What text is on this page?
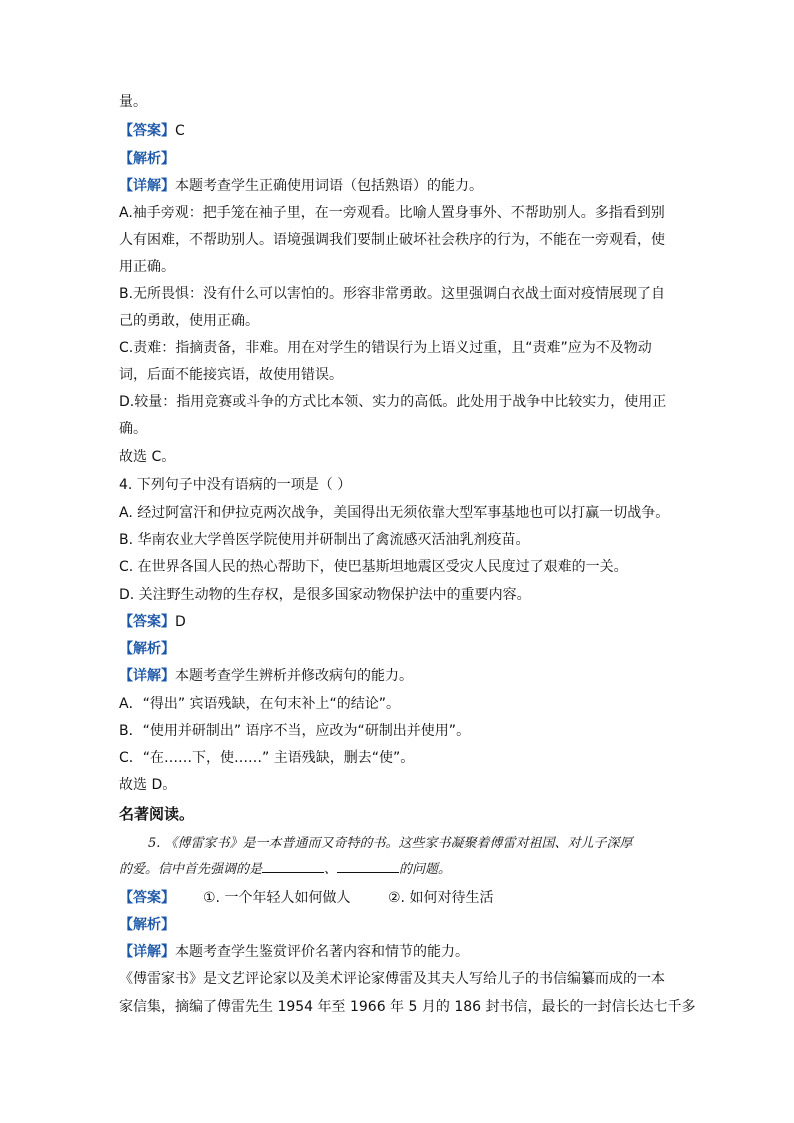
量。
【答案】C
【解析】
【详解】本题考查学生正确使用词语（包括熟语）的能力。
A.袖手旁观：把手笼在袖子里，在一旁观看。比喻人置身事外、不帮助别人。多指看到别
人有困难，不帮助别人。语境强调我们要制止破坏社会秩序的行为，不能在一旁观看，使
用正确。
B.无所畏惧：没有什么可以害怕的。形容非常勇敢。这里强调白衣战士面对疫情展现了自
己的勇敢，使用正确。
C.责难：指摘责备，非难。用在对学生的错误行为上语义过重，且“责难”应为不及物动
词，后面不能接宾语，故使用错误。
D.较量：指用竞赛或斗争的方式比本领、实力的高低。此处用于战争中比较实力，使用正
确。
故选 C。
4. 下列句子中没有语病的一项是（ ）
A. 经过阿富汗和伊拉克两次战争，美国得出无须依靠大型军事基地也可以打赢一切战争。
B. 华南农业大学兽医学院使用并研制出了禽流感灭活油乳剂疫苗。
C. 在世界各国人民的热心帮助下，使巴基斯坦地震区受灾人民度过了艰难的一关。
D. 关注野生动物的生存权，是很多国家动物保护法中的重要内容。
【答案】D
【解析】
【详解】本题考查学生辨析并修改病句的能力。
A．“得出” 宾语残缺，在句末补上“的结论”。
B．“使用并研制出” 语序不当，应改为“研制出并使用”。
C．“在……下，使……” 主语残缺，删去“使”。
故选 D。
名著阅读。
5. 《傅雷家书》是一本普通而又奇特的书。这些家书凝聚着傅雷对祖国、对儿子深厚
的爱。信中首先强调的是	、	的问题。
【答案】 ①. 一个年轻人如何做人	②. 如何对待生活
【解析】
【详解】本题考查学生鉴赏评价名著内容和情节的能力。
《傅雷家书》是文艺评论家以及美术评论家傅雷及其夫人写给儿子的书信编纂而成的一本
家信集，摘编了傅雷先生 1954 年至 1966 年 5 月的 186 封书信，最长的一封信长达七千多
